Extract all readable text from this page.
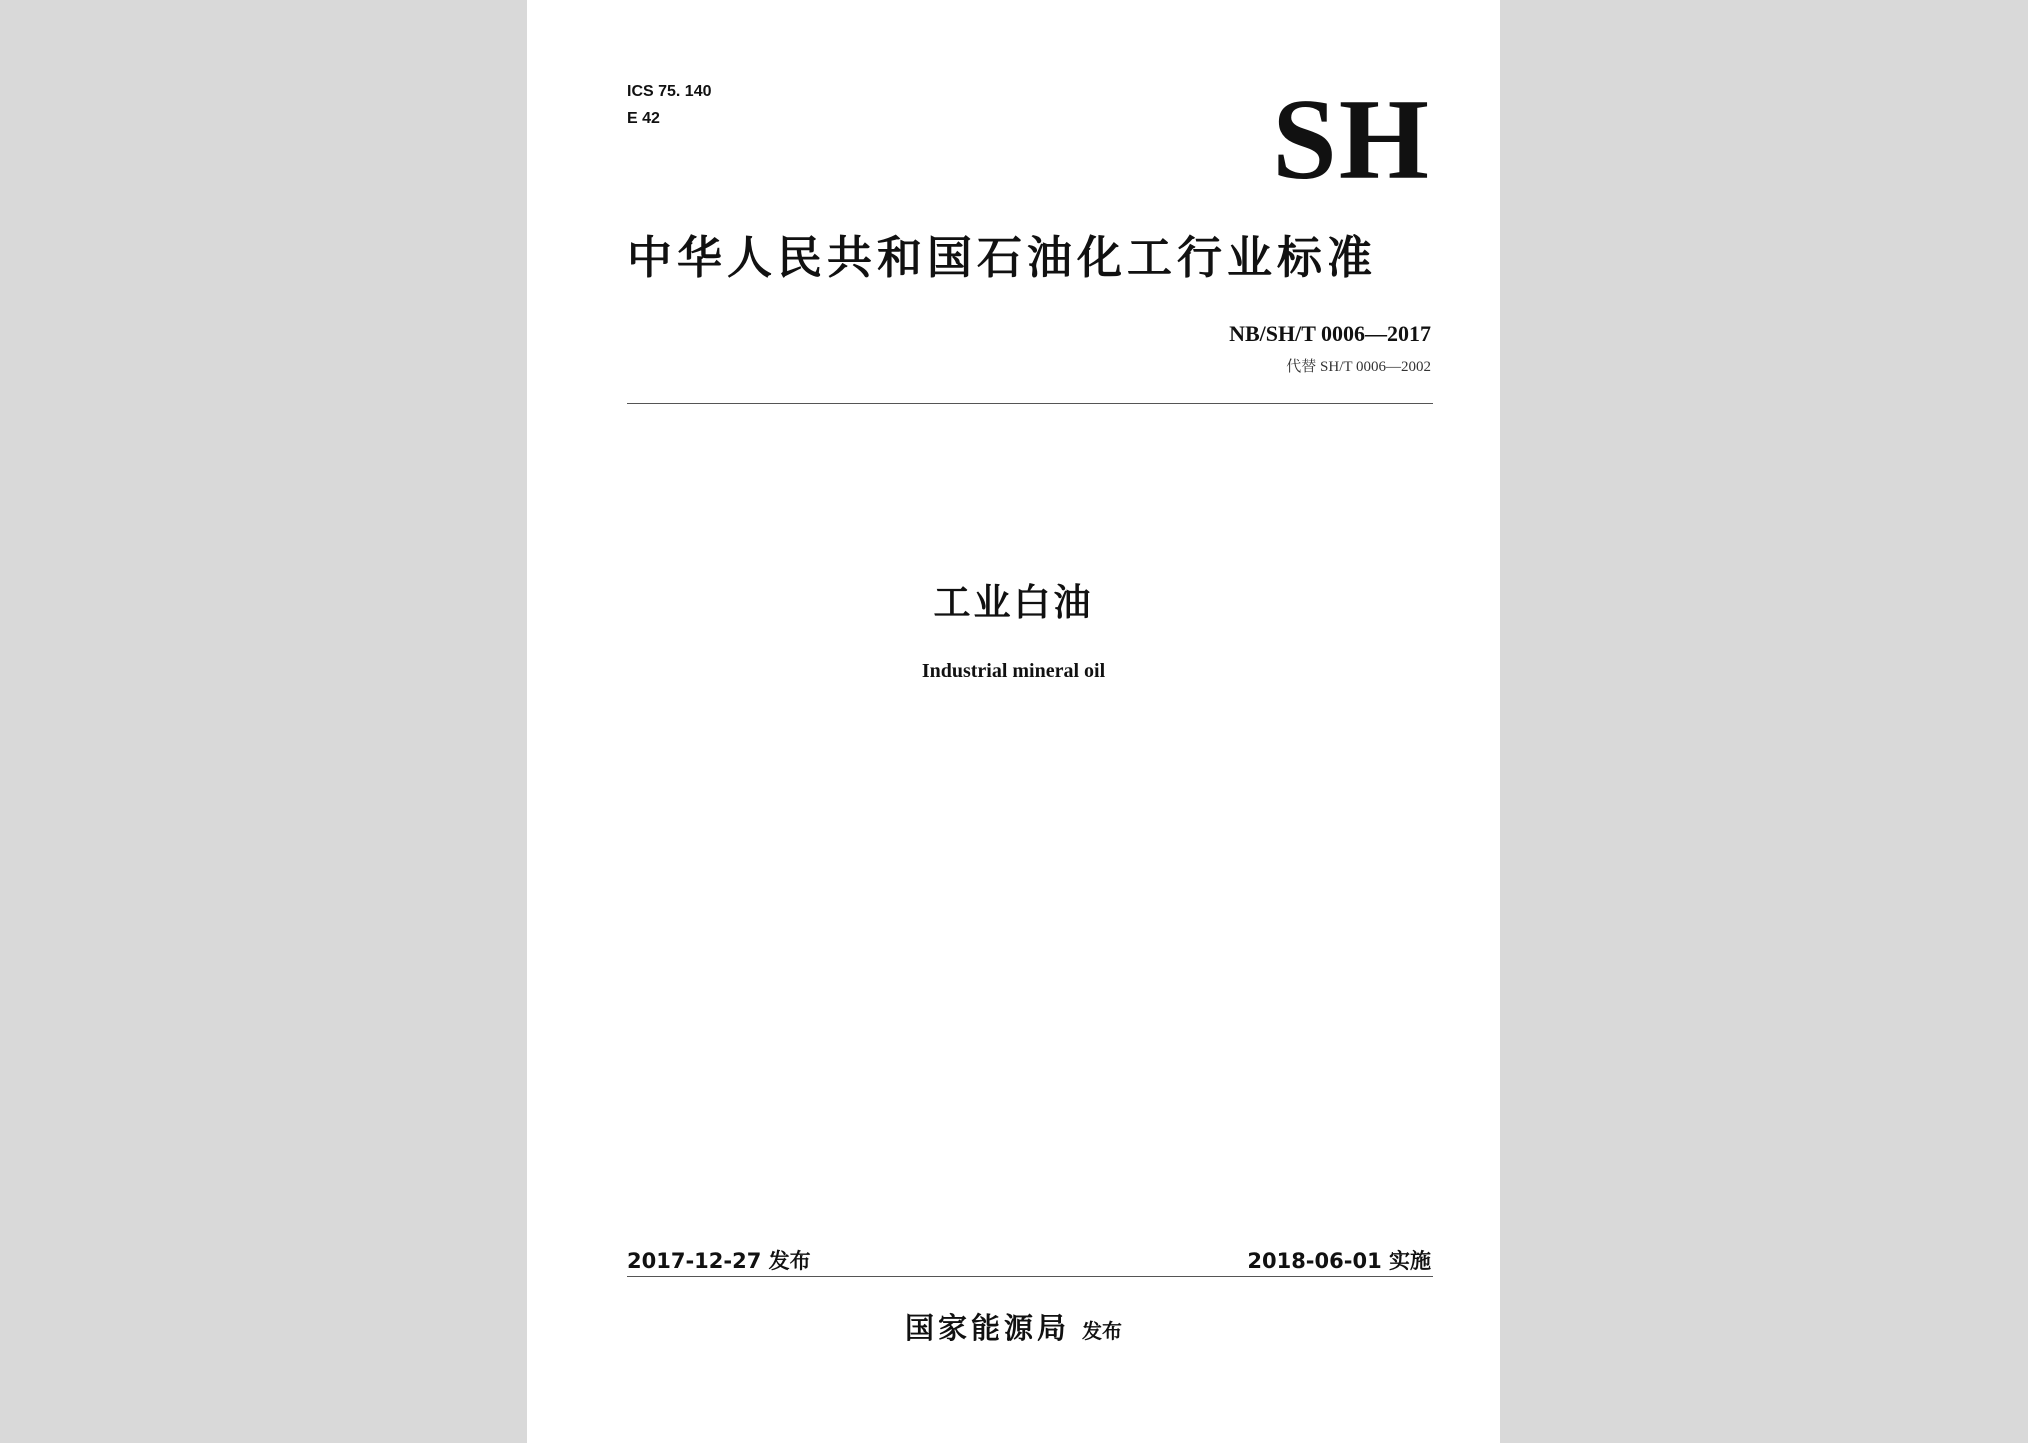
ICS 75. 140
E 42	SH
中华人民共和国石油化工行业标准
NB/SH/T 0006—2017
代替 SH/T 0006—2002
工业白油
Industrial mineral oil
2017-12-27 发布	2018-06-01 实施
国家能源局 发布
